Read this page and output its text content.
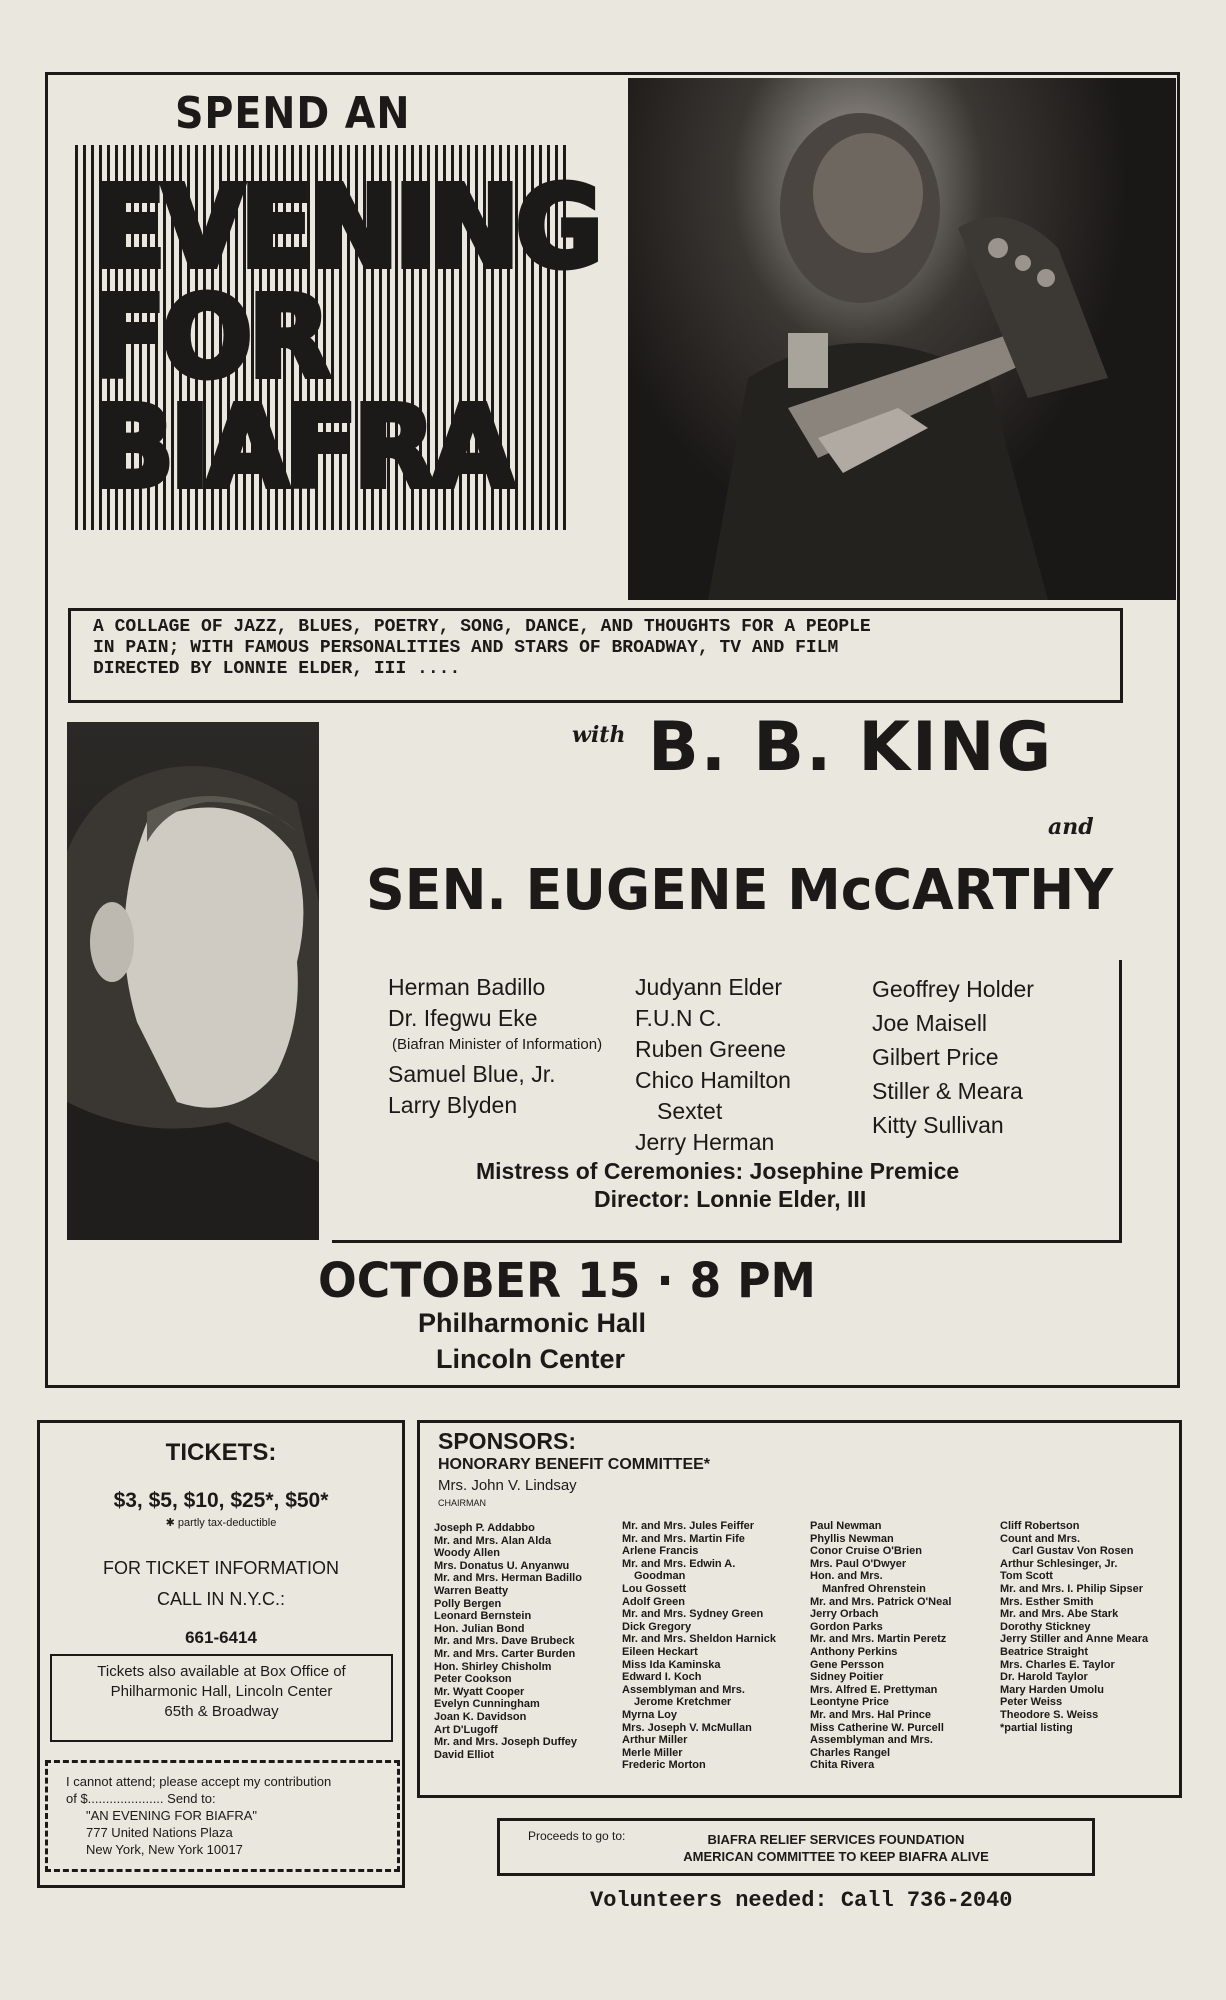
SPEND AN
EVENING
FOR
BIAFRA
A COLLAGE OF JAZZ, BLUES, POETRY, SONG, DANCE, AND THOUGHTS FOR A PEOPLE
IN PAIN; WITH FAMOUS PERSONALITIES AND STARS OF BROADWAY, TV AND FILM
DIRECTED BY LONNIE ELDER, III ....
with B. B. KING
and
SEN. EUGENE McCARTHY
Herman Badillo
Dr. Ifegwu Eke
(Biafran Minister of Information)
Samuel Blue, Jr.
Larry Blyden
Judyann Elder
F.U.N C.
Ruben Greene
Chico Hamilton
Sextet
Jerry Herman
Geoffrey Holder
Joe Maisell
Gilbert Price
Stiller & Meara
Kitty Sullivan
Mistress of Ceremonies: Josephine Premice
Director: Lonnie Elder, III
OCTOBER 15 · 8 PM
Philharmonic Hall
Lincoln Center
TICKETS:
$3, $5, $10, $25*, $50*
✱ partly tax-deductible
FOR TICKET INFORMATION
CALL IN N.Y.C.:
661-6414
Tickets also available at Box Office of
Philharmonic Hall, Lincoln Center
65th & Broadway
I cannot attend; please accept my contribution
of $..................... Send to:
"AN EVENING FOR BIAFRA"
777 United Nations Plaza
New York, New York 10017
SPONSORS:
HONORARY BENEFIT COMMITTEE*
Mrs. John V. Lindsay
CHAIRMAN
Joseph P. Addabbo
Mr. and Mrs. Alan Alda
Woody Allen
Mrs. Donatus U. Anyanwu
Mr. and Mrs. Herman Badillo
Warren Beatty
Polly Bergen
Leonard Bernstein
Hon. Julian Bond
Mr. and Mrs. Dave Brubeck
Mr. and Mrs. Carter Burden
Hon. Shirley Chisholm
Peter Cookson
Mr. Wyatt Cooper
Evelyn Cunningham
Joan K. Davidson
Art D'Lugoff
Mr. and Mrs. Joseph Duffey
David Elliot
Mr. and Mrs. Jules Feiffer
Mr. and Mrs. Martin Fife
Arlene Francis
Mr. and Mrs. Edwin A.
Goodman
Lou Gossett
Adolf Green
Mr. and Mrs. Sydney Green
Dick Gregory
Mr. and Mrs. Sheldon Harnick
Eileen Heckart
Miss Ida Kaminska
Edward I. Koch
Assemblyman and Mrs.
Jerome Kretchmer
Myrna Loy
Mrs. Joseph V. McMullan
Arthur Miller
Merle Miller
Frederic Morton
Paul Newman
Phyllis Newman
Conor Cruise O'Brien
Mrs. Paul O'Dwyer
Hon. and Mrs.
Manfred Ohrenstein
Mr. and Mrs. Patrick O'Neal
Jerry Orbach
Gordon Parks
Mr. and Mrs. Martin Peretz
Anthony Perkins
Gene Persson
Sidney Poitier
Mrs. Alfred E. Prettyman
Leontyne Price
Mr. and Mrs. Hal Prince
Miss Catherine W. Purcell
Assemblyman and Mrs.
Charles Rangel
Chita Rivera
Cliff Robertson
Count and Mrs.
Carl Gustav Von Rosen
Arthur Schlesinger, Jr.
Tom Scott
Mr. and Mrs. I. Philip Sipser
Mrs. Esther Smith
Mr. and Mrs. Abe Stark
Dorothy Stickney
Jerry Stiller and Anne Meara
Beatrice Straight
Mrs. Charles E. Taylor
Dr. Harold Taylor
Mary Harden Umolu
Peter Weiss
Theodore S. Weiss
*partial listing
Proceeds to go to:	BIAFRA RELIEF SERVICES FOUNDATION
AMERICAN COMMITTEE TO KEEP BIAFRA ALIVE
Volunteers needed: Call 736-2040
